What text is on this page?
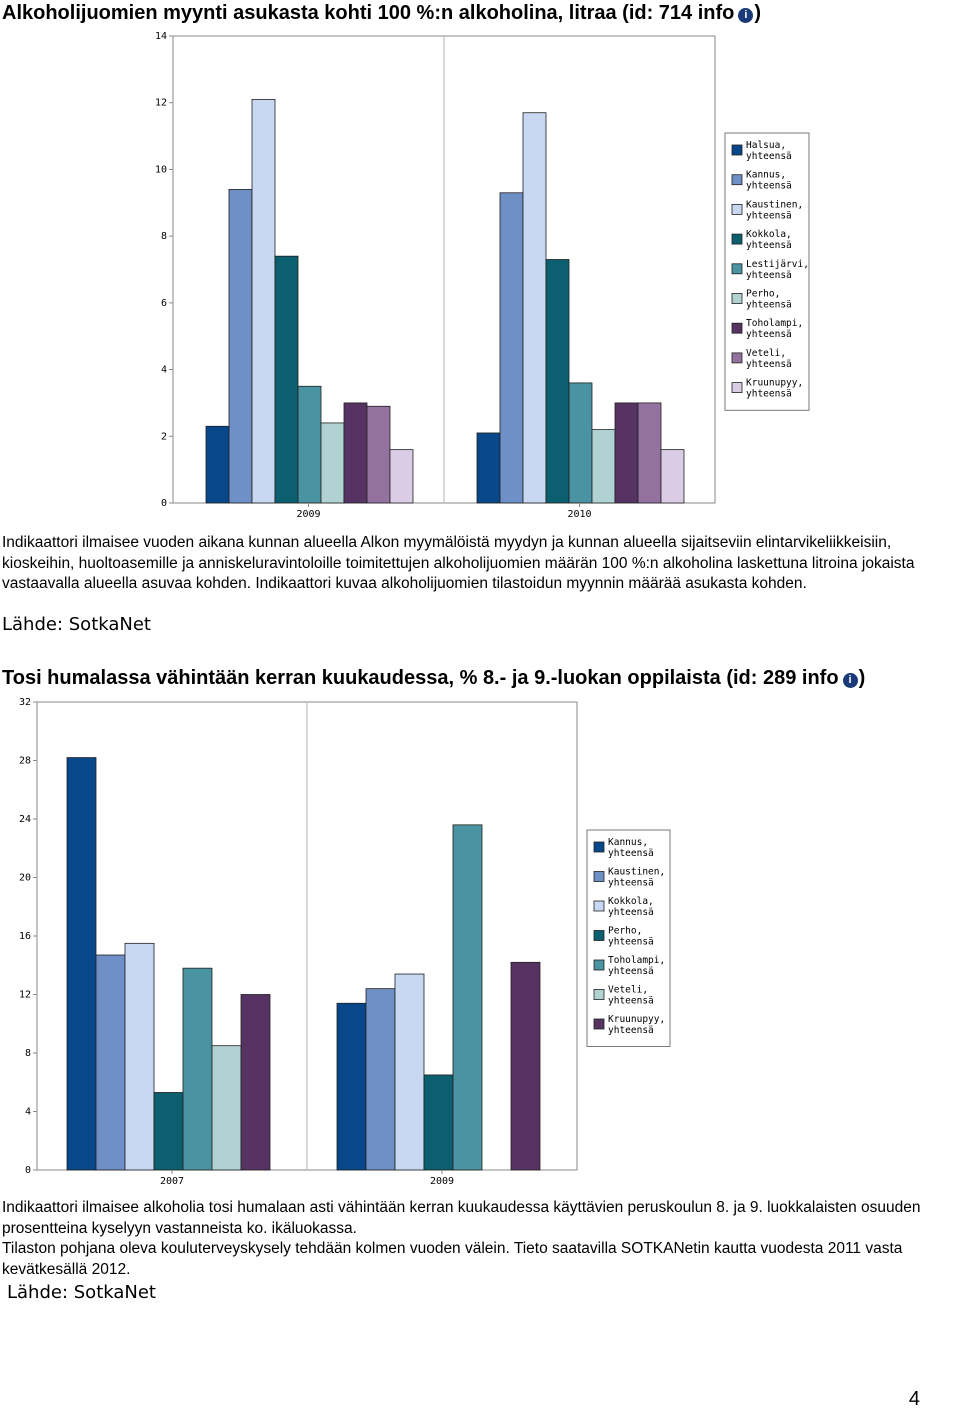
Alkoholijuomien myynti asukasta kohti 100 %:n alkoholina, litraa (id: 714 info i )
0
2
4
6
8
10
12
14
2009	2010
Halsua,
yhteensä
Kannus,
yhteensä
Kaustinen,
yhteensä
Kokkola,
yhteensä
Lestijärvi,
yhteensä
Perho,
yhteensä
Toholampi,
yhteensä
Veteli,
yhteensä
Kruunupyy,
yhteensä

Indikaattori ilmaisee vuoden aikana kunnan alueella Alkon myymälöistä myydyn ja kunnan alueella sijaitseviin elintarvikeliikkeisiin, kioskeihin, huoltoasemille ja anniskeluravintoloille toimitettujen alkoholijuomien määrän 100 %:n alkoholina laskettuna litroina jokaista vastaavalla alueella asuvaa kohden. Indikaattori kuvaa alkoholijuomien tilastoidun myynnin määrää asukasta kohden.

Lähde: SotkaNet
Tosi humalassa vähintään kerran kuukaudessa, % 8.- ja 9.-luokan oppilaista (id: 289 info i )
0
4
8
12
16
20
24
28
32
2007	2009
Kannus,
yhteensä
Kaustinen,
yhteensä
Kokkola,
yhteensä
Perho,
yhteensä
Toholampi,
yhteensä
Veteli,
yhteensä
Kruunupyy,
yhteensä

Indikaattori ilmaisee alkoholia tosi humalaan asti vähintään kerran kuukaudessa käyttävien peruskoulun 8. ja 9. luokkalaisten osuuden prosentteina kyselyyn vastanneista ko. ikäluokassa.

Tilaston pohjana oleva kouluterveyskysely tehdään kolmen vuoden välein. Tieto saatavilla SOTKANetin kautta vuodesta 2011 vasta kevätkesällä 2012.

Lähde: SotkaNet
4
